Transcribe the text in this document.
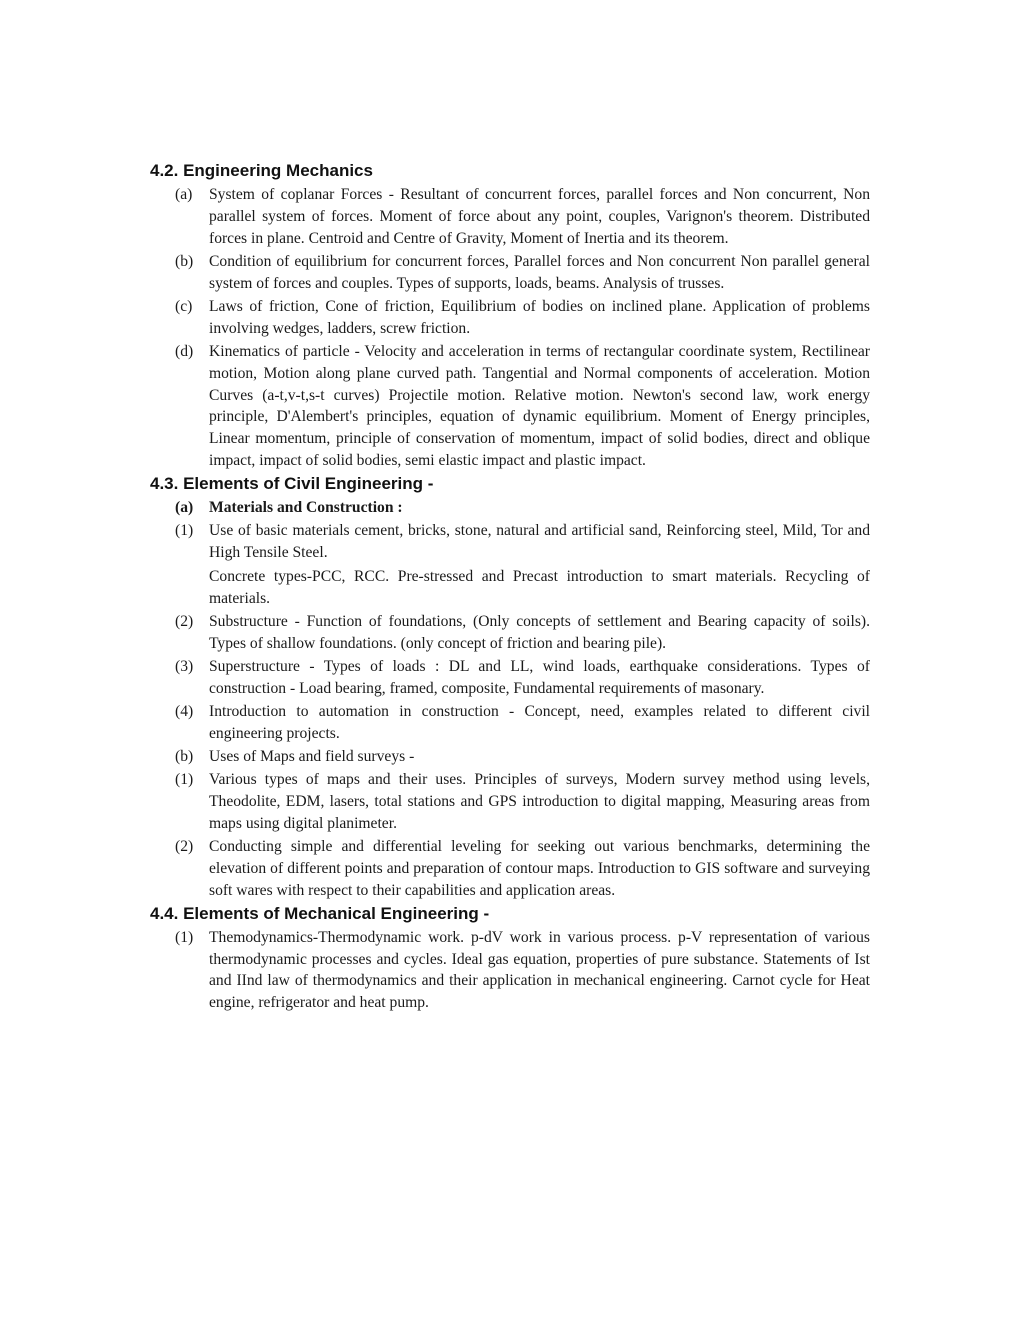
4.2. Engineering Mechanics
(a)	System of coplanar Forces - Resultant of concurrent forces, parallel forces and Non concurrent, Non parallel system of forces. Moment of force about any point, couples, Varignon's theorem. Distributed forces in plane. Centroid and Centre of Gravity, Moment of Inertia and its theorem.
(b)	Condition of equilibrium for concurrent forces, Parallel forces and Non concurrent Non parallel general system of forces and couples. Types of supports, loads, beams. Analysis of trusses.
(c)	Laws of friction, Cone of friction, Equilibrium of bodies on inclined plane. Application of problems involving wedges, ladders, screw friction.
(d)	Kinematics of particle - Velocity and acceleration in terms of rectangular coordinate system, Rectilinear motion, Motion along plane curved path. Tangential and Normal components of acceleration. Motion Curves (a-t,v-t,s-t curves) Projectile motion. Relative motion. Newton's second law, work energy principle, D'Alembert's principles, equation of dynamic equilibrium. Moment of Energy principles, Linear momentum, principle of conservation of momentum, impact of solid bodies, direct and oblique impact, impact of solid bodies, semi elastic impact and plastic impact.
4.3. Elements of Civil Engineering -
(a)	Materials and Construction :
(1)	Use of basic materials cement, bricks, stone, natural and artificial sand, Reinforcing steel, Mild, Tor and High Tensile Steel.
Concrete types-PCC, RCC. Pre-stressed and Precast introduction to smart materials. Recycling of materials.
(2)	Substructure - Function of foundations, (Only concepts of settlement and Bearing capacity of soils). Types of shallow foundations. (only concept of friction and bearing pile).
(3)	Superstructure - Types of loads : DL and LL, wind loads, earthquake considerations. Types of construction - Load bearing, framed, composite, Fundamental requirements of masonary.
(4)	Introduction to automation in construction - Concept, need, examples related to different civil engineering projects.
(b)	Uses of Maps and field surveys -
(1)	Various types of maps and their uses. Principles of surveys, Modern survey method using levels, Theodolite, EDM, lasers, total stations and GPS introduction to digital mapping, Measuring areas from maps using digital planimeter.
(2)	Conducting simple and differential leveling for seeking out various benchmarks, determining the elevation of different points and preparation of contour maps. Introduction to GIS software and surveying soft wares with respect to their capabilities and application areas.
4.4. Elements of Mechanical Engineering -
(1)	Themodynamics-Thermodynamic work. p-dV work in various process. p-V representation of various thermodynamic processes and cycles. Ideal gas equation, properties of pure substance. Statements of Ist and IInd law of thermodynamics and their application in mechanical engineering. Carnot cycle for Heat engine, refrigerator and heat pump.
